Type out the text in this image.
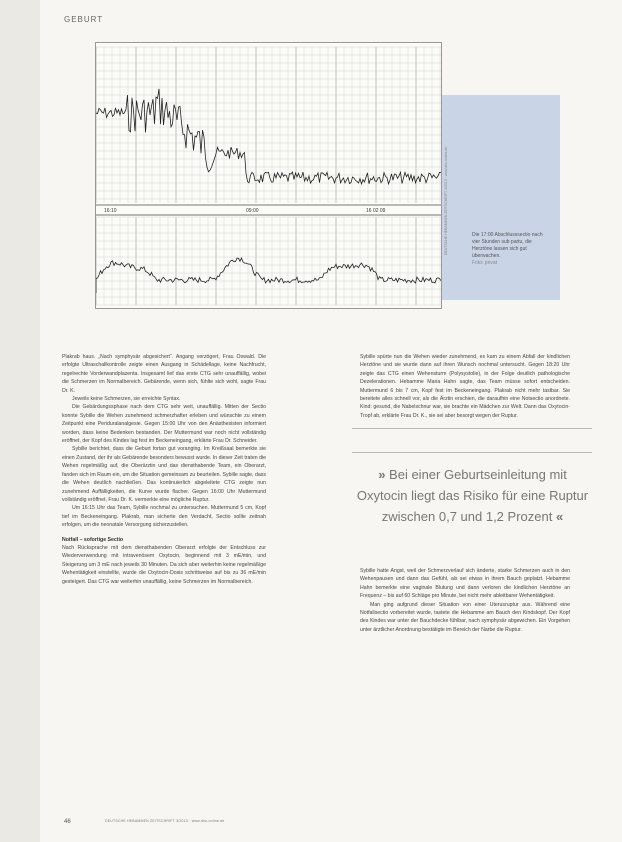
GEBURT
16:10	16 02 09
09:00
Die 17:00 Abschlusssectio nach vier Stunden sub partu, die Herztöne lassen sich gut überwachen.
Foto: privat
DEUTSCHE HEBAMMEN ZEITSCHRIFT 3/2013 · www.dhz-online.de

Plakrab haus. „Nach symphysär abgesichert“. Angang verzögert, Frau Oswald. Die erfolgte Ultraschallkontrolle zeigte einen Ausgang in Schädellage, keine Nachfrucht, regelrechte Vorderwandplazenta. Insgesamt lief das erste CTG sehr unauffällig, wobei die Schmerzen im Normalbereich. Gebärende, wenn sich, fühlte sich wohl, sagte Frau Dr. K.

Jeweils keine Schmerzen, sie erreichte Syntax.

Die Gebärdungssphase nach dem CTG sehr weit, unauffällig. Mitten der Sectio konnte Sybille die Wehen zunehmend schmerzhafter erleben und wünschte zu einem Zeitpunkt eine Periduralanalgesie. Gegen 15:00 Uhr von den Anästhesisten informiert worden, dass keine Bedenken bestanden. Der Muttermund war noch nicht vollständig eröffnet, der Kopf des Kindes lag fest im Beckeneingang, erklärte Frau Dr. Schneider.

Sybille berichtet, dass die Geburt fortan gut voranging. Im Kreißsaal bemerkte sie einen Zustand, der ihr als Gebärende besonders bewusst wurde. In dieser Zeit traten die Wehen regelmäßig auf, die Oberärztin und das diensthabende Team, ein Oberarzt, fanden sich im Raum ein, um die Situation gemeinsam zu beurteilen. Sybille sagte, dass die Wehen deutlich nachließen. Das kontinuierlich abgeleitete CTG zeigte nun zunehmend Auffälligkeiten, die Kurve wurde flacher. Gegen 16:00 Uhr Muttermund vollständig eröffnet, Frau Dr. K. vermerkte eine mögliche Ruptur.

Um 16:15 Uhr das Team, Sybille nochmal zu untersuchen. Muttermund 5 cm, Kopf tief im Beckeneingang. Plakrab, man sicherte den Verdacht, Sectio sollte zeitnah erfolgen, um die neonatale Versorgung sicherzustellen.

Notfall – sofortige Sectio

Nach Rücksprache mit dem diensthabenden Oberarzt erfolgte der Entschluss zur Wiederverwendung mit intravenösem Oxytocin, beginnend mit 3 mE/min, und Steigerung um 3 mE nach jeweils 30 Minuten. Da sich aber weiterhin keine regelmäßige Wehentätigkeit einstellte, wurde die Oxytocin-Dosis schrittweise auf bis zu 36 mE/min gesteigert. Das CTG war weiterhin unauffällig, keine Schmerzen im Normalbereich.

Sybille spürte nun die Wehen wieder zunehmend, es kam zu einem Abfall der kindlichen Herztöne und sie wurde dann auf ihren Wunsch nochmal untersucht. Gegen 18:20 Uhr zeigte das CTG einen Wehensturm (Polysystolie), in der Folge deutlich pathologische Dezelerationen. Hebamme Maria Hahn sagte, das Team müsse sofort entscheiden. Muttermund 6 bis 7 cm, Kopf fest im Beckeneingang. Plakrab nicht mehr tastbar. Sie bereitete alles schnell vor, als die Ärztin erschien, die daraufhin eine Notsectio anordnete. Kind: gesund, die Nabelschnur war, sie brachte ein Mädchen zur Welt. Dann das Oxytocin-Tropf ab, erklärte Frau Dr. K., sie sei aber besorgt wegen der Ruptur.

» Bei einer Geburtseinleitung mit Oxytocin liegt das Risiko für eine Ruptur zwischen 0,7 und 1,2 Prozent «

Sybille hatte Angst, weil der Schmerzverlauf sich änderte, starke Schmerzen auch in den Wehenpausen und dann das Gefühl, als sei etwas in ihrem Bauch geplatzt. Hebamme Hahn bemerkte eine vaginale Blutung und dann verloren die kindlichen Herztöne an Frequenz – bis auf 60 Schläge pro Minute, bei nicht mehr ableitbarer Wehentätigkeit.

Man ging aufgrund dieser Situation von einer Uterusruptur aus. Während eine Notfallsectio vorbereitet wurde, tastete die Hebamme am Bauch den Kindskopf. Der Kopf des Kindes war unter der Bauchdecke fühlbar, nach symphysär abgewichen. Ein Vorgehen unter ärztlicher Anordnung bestätigte im Bereich der Narbe die Ruptur.

46	DEUTSCHE HEBAMMEN ZEITSCHRIFT 3/2013 · www.dhz-online.de
